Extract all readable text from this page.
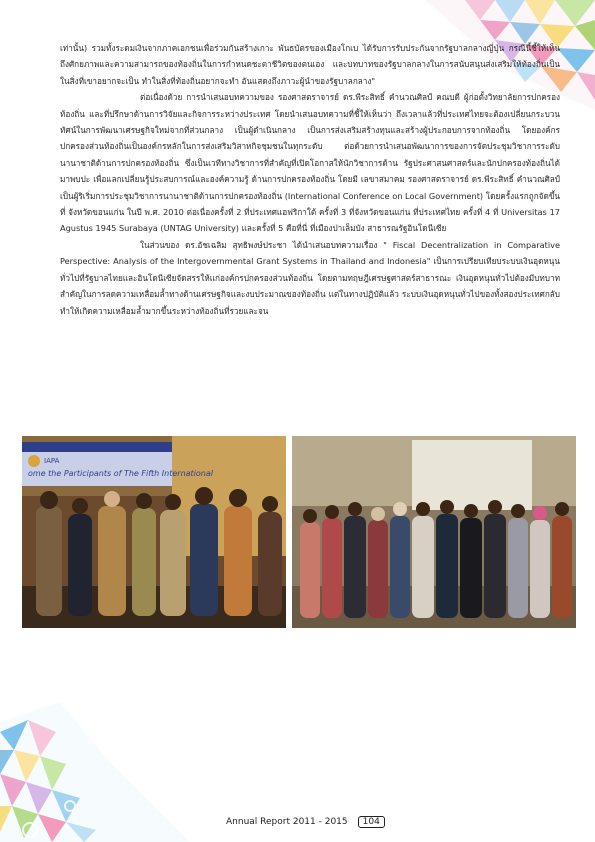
เท่านั้น) รวมทั้งระดมเงินจากภาคเอกชนเพื่อร่วมกันสร้างเกาะ พันธบัตรของเมืองโกเบ ได้รับการรับประกันจากรัฐบาลกลางญี่ปุ่น กรณีนี้ชี้ให้เห็นถึงศักยภาพและความสามารถของท้องถิ่นในการกำหนดชะตาชีวิตของตนเอง และบทบาทของรัฐบาลกลางในการสนับสนุนส่งเสริมให้ท้องถิ่นเป็นในสิ่งที่เขาอยากจะเป็น ทำในสิ่งที่ท้องถิ่นอยากจะทำ อันแสดงถึงภาวะผู้นำของรัฐบาลกลาง"

ต่อเนื่องด้วย การนำเสนอบทความของ รองศาสตราจารย์ ดร.พีระสิทธิ์ คำนวณศิลป์ คณบดี ผู้ก่อตั้งวิทยาลัยการปกครองท้องถิ่น และที่ปรึกษาด้านการวิจัยและกิจการระหว่างประเทศ โดยนำเสนอบทความที่ชี้ให้เห็นว่า ถึงเวลาแล้วที่ประเทศไทยจะต้องเปลี่ยนกระบวนทัศน์ในการพัฒนาเศรษฐกิจใหม่จากที่ส่วนกลาง เป็นผู้ดำเนินกลาง เป็นการส่งเสริมสร้างทุนและสร้างผู้ประกอบการจากท้องถิ่น โดยองค์กรปกครองส่วนท้องถิ่นเป็นองค์กรหลักในการส่งเสริมวิสาหกิจชุมชนในทุกระดับ ต่อด้วยการนำเสนอพัฒนาการของการจัดประชุมวิชาการระดับนานาชาติด้านการปกครองท้องถิ่น ซึ่งเป็นเวทีทางวิชาการที่สำคัญที่เปิดโอกาสให้นักวิชาการด้าน รัฐประศาสนศาสตร์และนักปกครองท้องถิ่นได้มาพบปะ เพื่อแลกเปลี่ยนรู้ประสบการณ์และองค์ความรู้ ด้านการปกครองท้องถิ่น โดยมี เลขาสมาคม รองศาสตราจารย์ ดร.พีระสิทธิ์ คำนวณศิลป์ เป็นผู้ริเริ่มการประชุมวิชาการนานาชาติด้านการปกครองท้องถิ่น (International Conference on Local Government) โดยครั้งแรกถูกจัดขึ้นที่ จังหวัดขอนแก่น ในปี พ.ศ. 2010 ต่อเนื่องครั้งที่ 2 ที่ประเทศแอฟริกาใต้ ครั้งที่ 3 ที่จังหวัดขอนแก่น ที่ประเทศไทย ครั้งที่ 4 ที่ Universitas 17 Agustus 1945 Surabaya (UNTAG University) และครั้งที่ 5 คือที่นี่ ที่เมืองปาเล็มบัง สาธารณรัฐอินโดนีเซีย

ในส่วนของ ดร.อัชเฉลิม สุทธิพงษ์ประชา ได้นำเสนอบทความเรื่อง " Fiscal Decentralization in Comparative Perspective: Analysis of the Intergovernmental Grant Systems in Thailand and Indonesia" เป็นการเปรียบเทียบระบบเงินอุดหนุนทั่วไปที่รัฐบาลไทยและอินโดนีเซียจัดสรรให้แก่องค์กรปกครองส่วนท้องถิ่น โดยตามทฤษฎีเศรษฐศาสตร์สาธารณะ เงินอุดหนุนทั่วไปต้องมีบทบาทสำคัญในการลดความเหลื่อมล้ำทางด้านเศรษฐกิจและงบประมาณของท้องถิ่น แต่ในทางปฏิบัติแล้ว ระบบเงินอุดหนุนทั่วไปของทั้งสองประเทศกลับทำให้เกิดความเหลื่อมล้ำมากขึ้นระหว่างท้องถิ่นที่รวยและจน

IAPA
ome the Participants of The Fifth International
Annual Report 2011 - 2015	104
